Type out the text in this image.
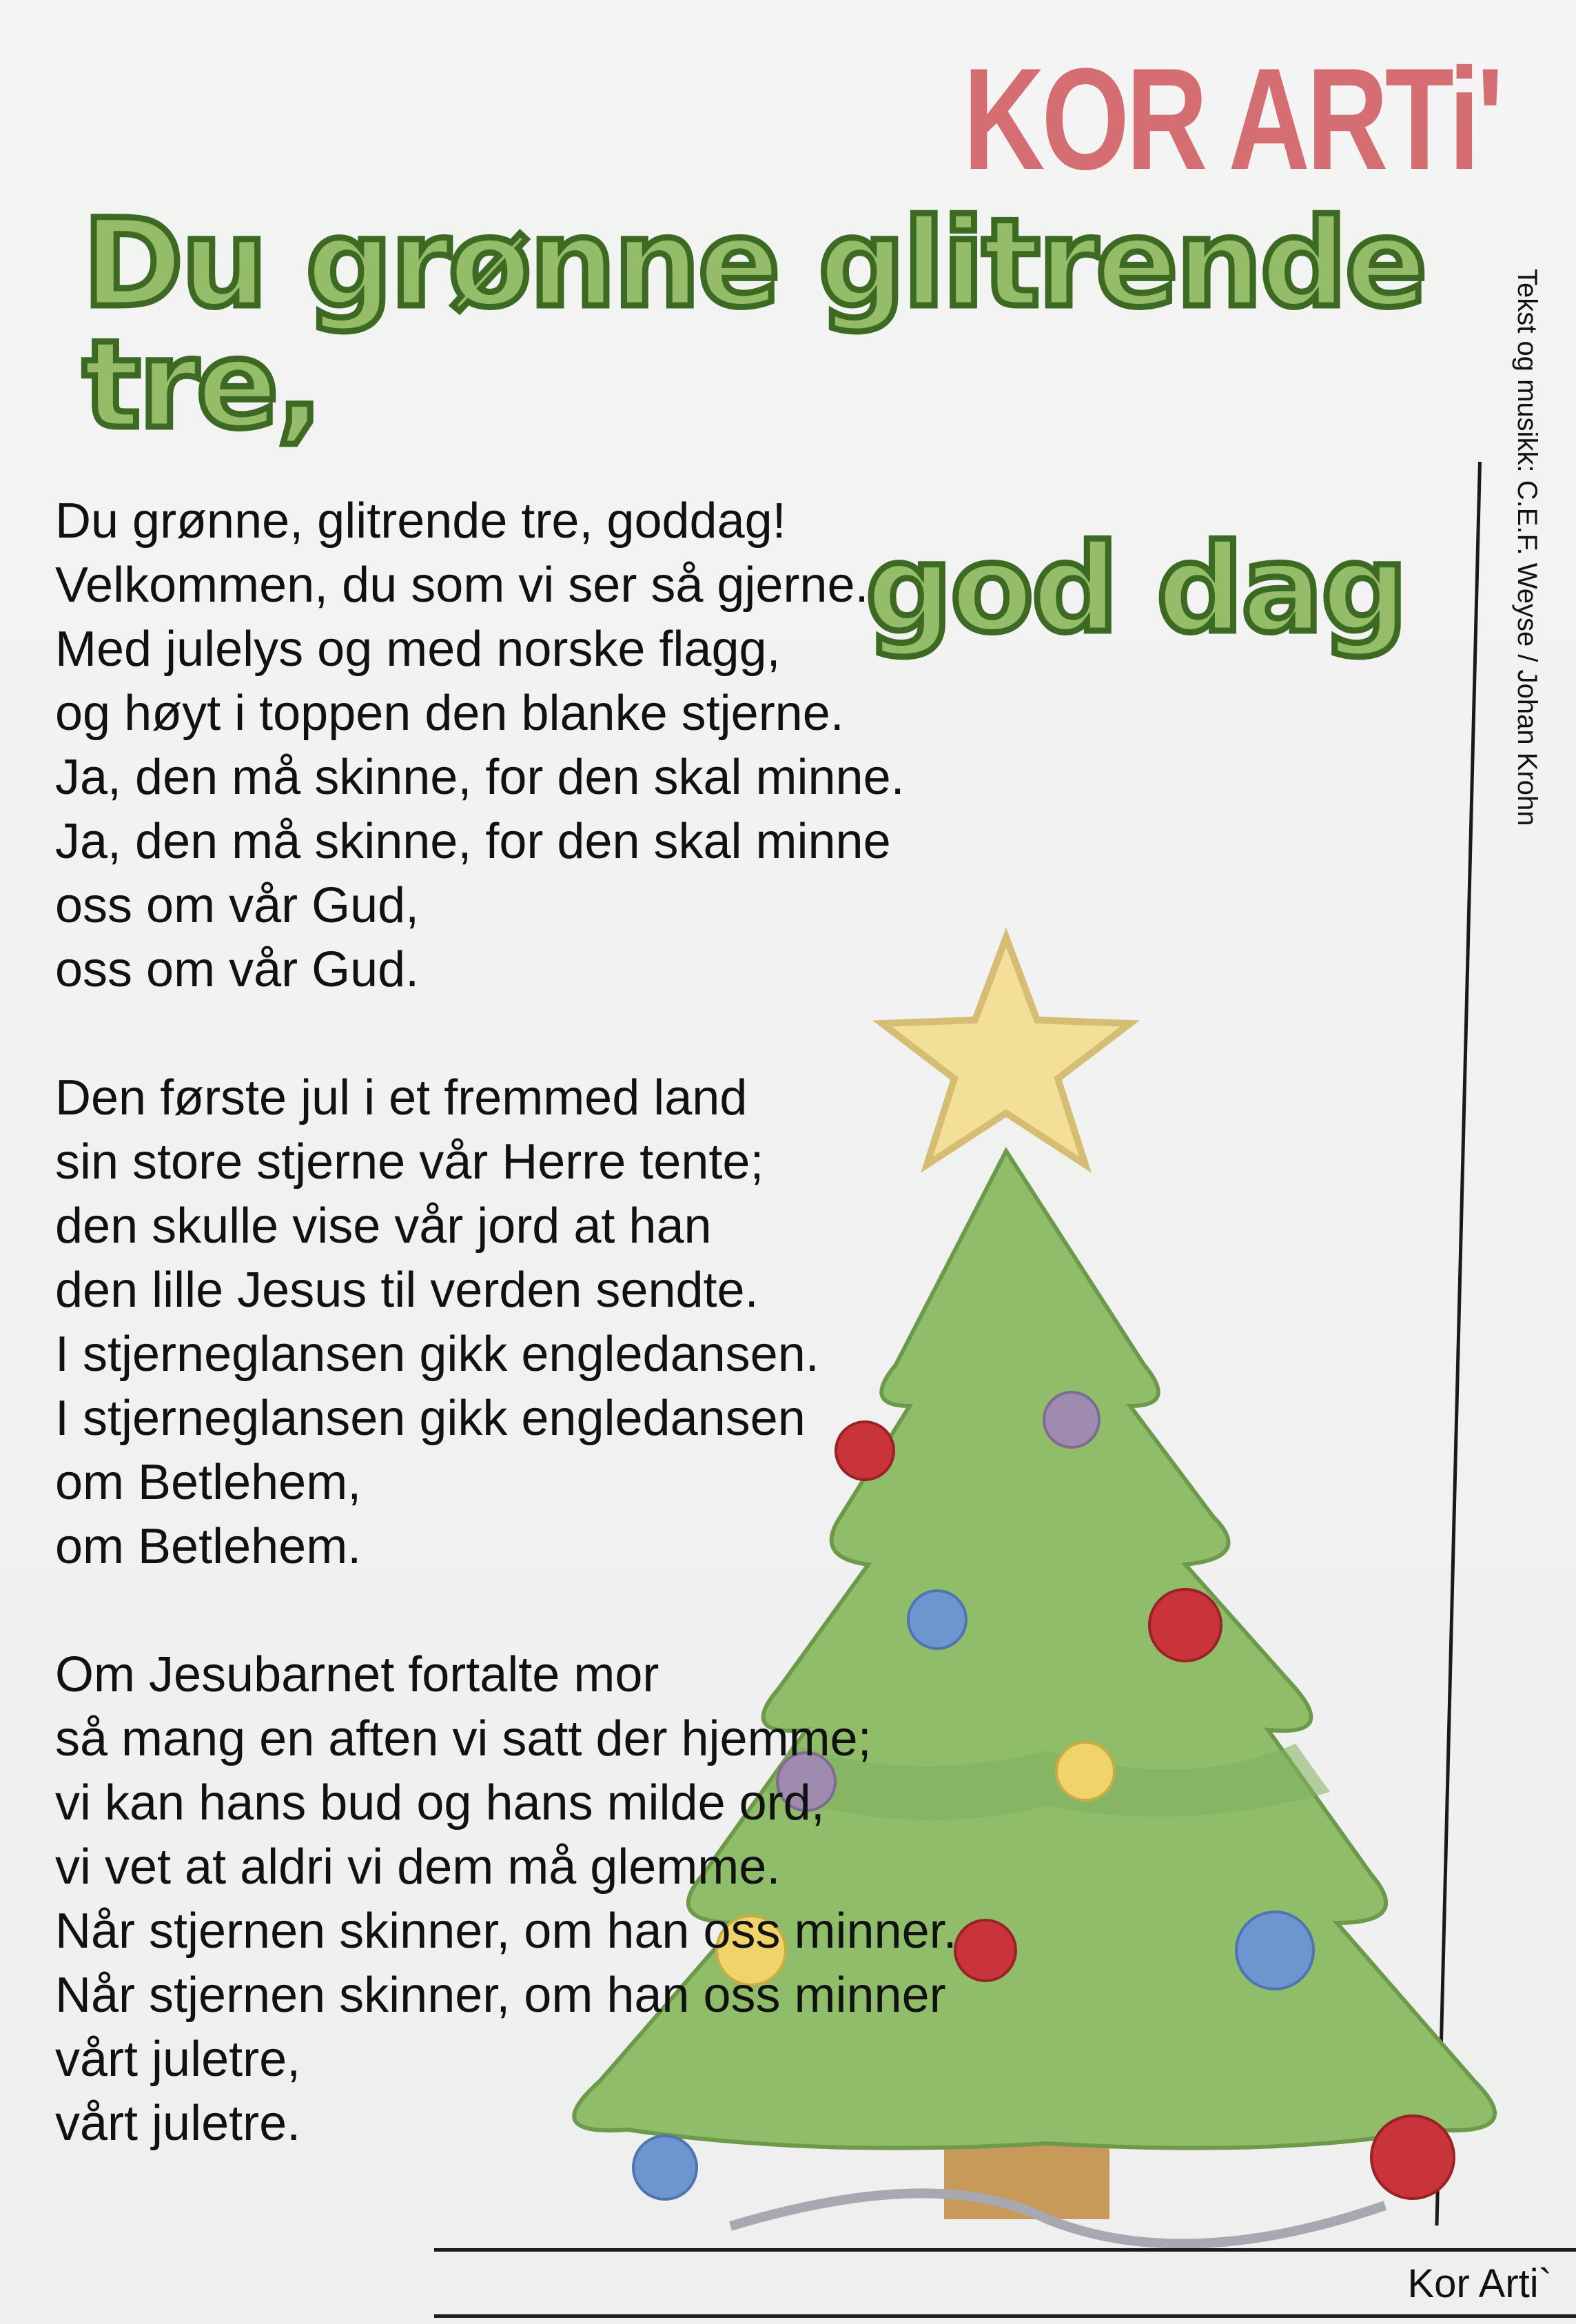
KOR ARTi'
Du grønne glitrende tre,
god dag	Tekst og musikk: C.E.F. Weyse / Johan Krohn
Du grønne, glitrende tre, goddag!
Velkommen, du som vi ser så gjerne.
Med julelys og med norske flagg,
og høyt i toppen den blanke stjerne.
Ja, den må skinne, for den skal minne.
Ja, den må skinne, for den skal minne
oss om vår Gud,
oss om vår Gud.
Den første jul i et fremmed land
sin store stjerne vår Herre tente;
den skulle vise vår jord at han
den lille Jesus til verden sendte.
I stjerneglansen gikk engledansen.
I stjerneglansen gikk engledansen
om Betlehem,
om Betlehem.
Om Jesubarnet fortalte mor
så mang en aften vi satt der hjemme;
vi kan hans bud og hans milde ord,
vi vet at aldri vi dem må glemme.
Når stjernen skinner, om han oss minner.
Når stjernen skinner, om han oss minner
vårt juletre,
vårt juletre.
Kor Arti`
